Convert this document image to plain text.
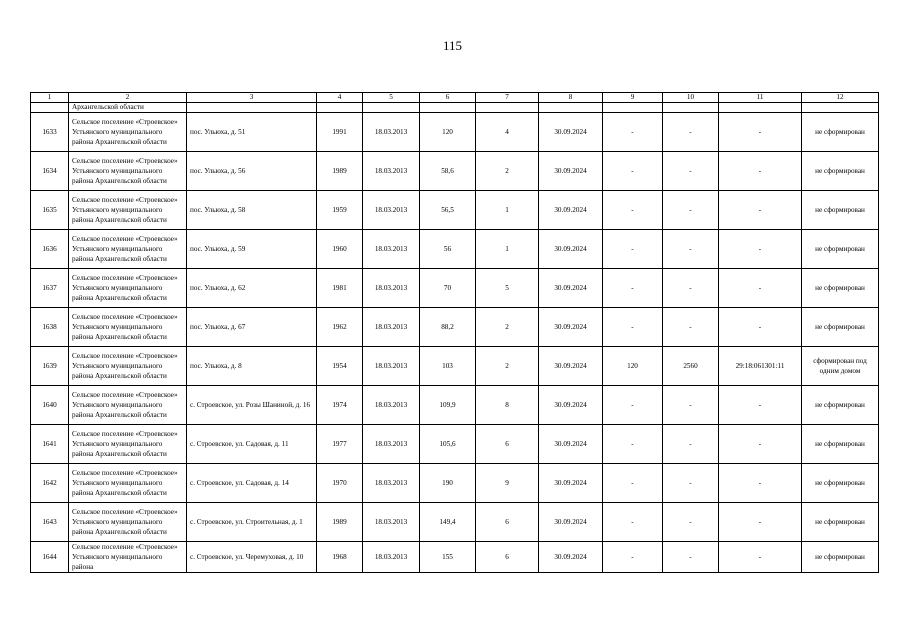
115
1	2	3	4	5	6	7	8	9	10	11	12
	Архангельской области										
1633	Сельское поселение «Строевское» Устьянского муниципального района Архангельской области	пос. Ульюха, д. 51	1991	18.03.2013	120	4	30.09.2024	-	-	-	не сформирован
1634	Сельское поселение «Строевское» Устьянского муниципального района Архангельской области	пос. Ульюха, д. 56	1989	18.03.2013	58,6	2	30.09.2024	-	-	-	не сформирован
1635	Сельское поселение «Строевское» Устьянского муниципального района Архангельской области	пос. Ульюха, д. 58	1959	18.03.2013	56,5	1	30.09.2024	-	-	-	не сформирован
1636	Сельское поселение «Строевское» Устьянского муниципального района Архангельской области	пос. Ульюха, д. 59	1960	18.03.2013	56	1	30.09.2024	-	-	-	не сформирован
1637	Сельское поселение «Строевское» Устьянского муниципального района Архангельской области	пос. Ульюха, д. 62	1981	18.03.2013	70	5	30.09.2024	-	-	-	не сформирован
1638	Сельское поселение «Строевское» Устьянского муниципального района Архангельской области	пос. Ульюха, д. 67	1962	18.03.2013	88,2	2	30.09.2024	-	-	-	не сформирован
1639	Сельское поселение «Строевское» Устьянского муниципального района Архангельской области	пос. Ульюха, д. 8	1954	18.03.2013	103	2	30.09.2024	120	2560	29:18:061301:11	сформирован под одним домом
1640	Сельское поселение «Строевское» Устьянского муниципального района Архангельской области	с. Строевское, ул. Розы Шаниной, д. 16	1974	18.03.2013	109,9	8	30.09.2024	-	-	-	не сформирован
1641	Сельское поселение «Строевское» Устьянского муниципального района Архангельской области	с. Строевское, ул. Садовая, д. 11	1977	18.03.2013	105,6	6	30.09.2024	-	-	-	не сформирован
1642	Сельское поселение «Строевское» Устьянского муниципального района Архангельской области	с. Строевское, ул. Садовая, д. 14	1970	18.03.2013	190	9	30.09.2024	-	-	-	не сформирован
1643	Сельское поселение «Строевское» Устьянского муниципального района Архангельской области	с. Строевское, ул. Строительная, д. 1	1989	18.03.2013	149,4	6	30.09.2024	-	-	-	не сформирован
1644	Сельское поселение «Строевское» Устьянского муниципального района	с. Строевское, ул. Черемуховая, д. 10	1968	18.03.2013	155	6	30.09.2024	-	-	-	не сформирован
